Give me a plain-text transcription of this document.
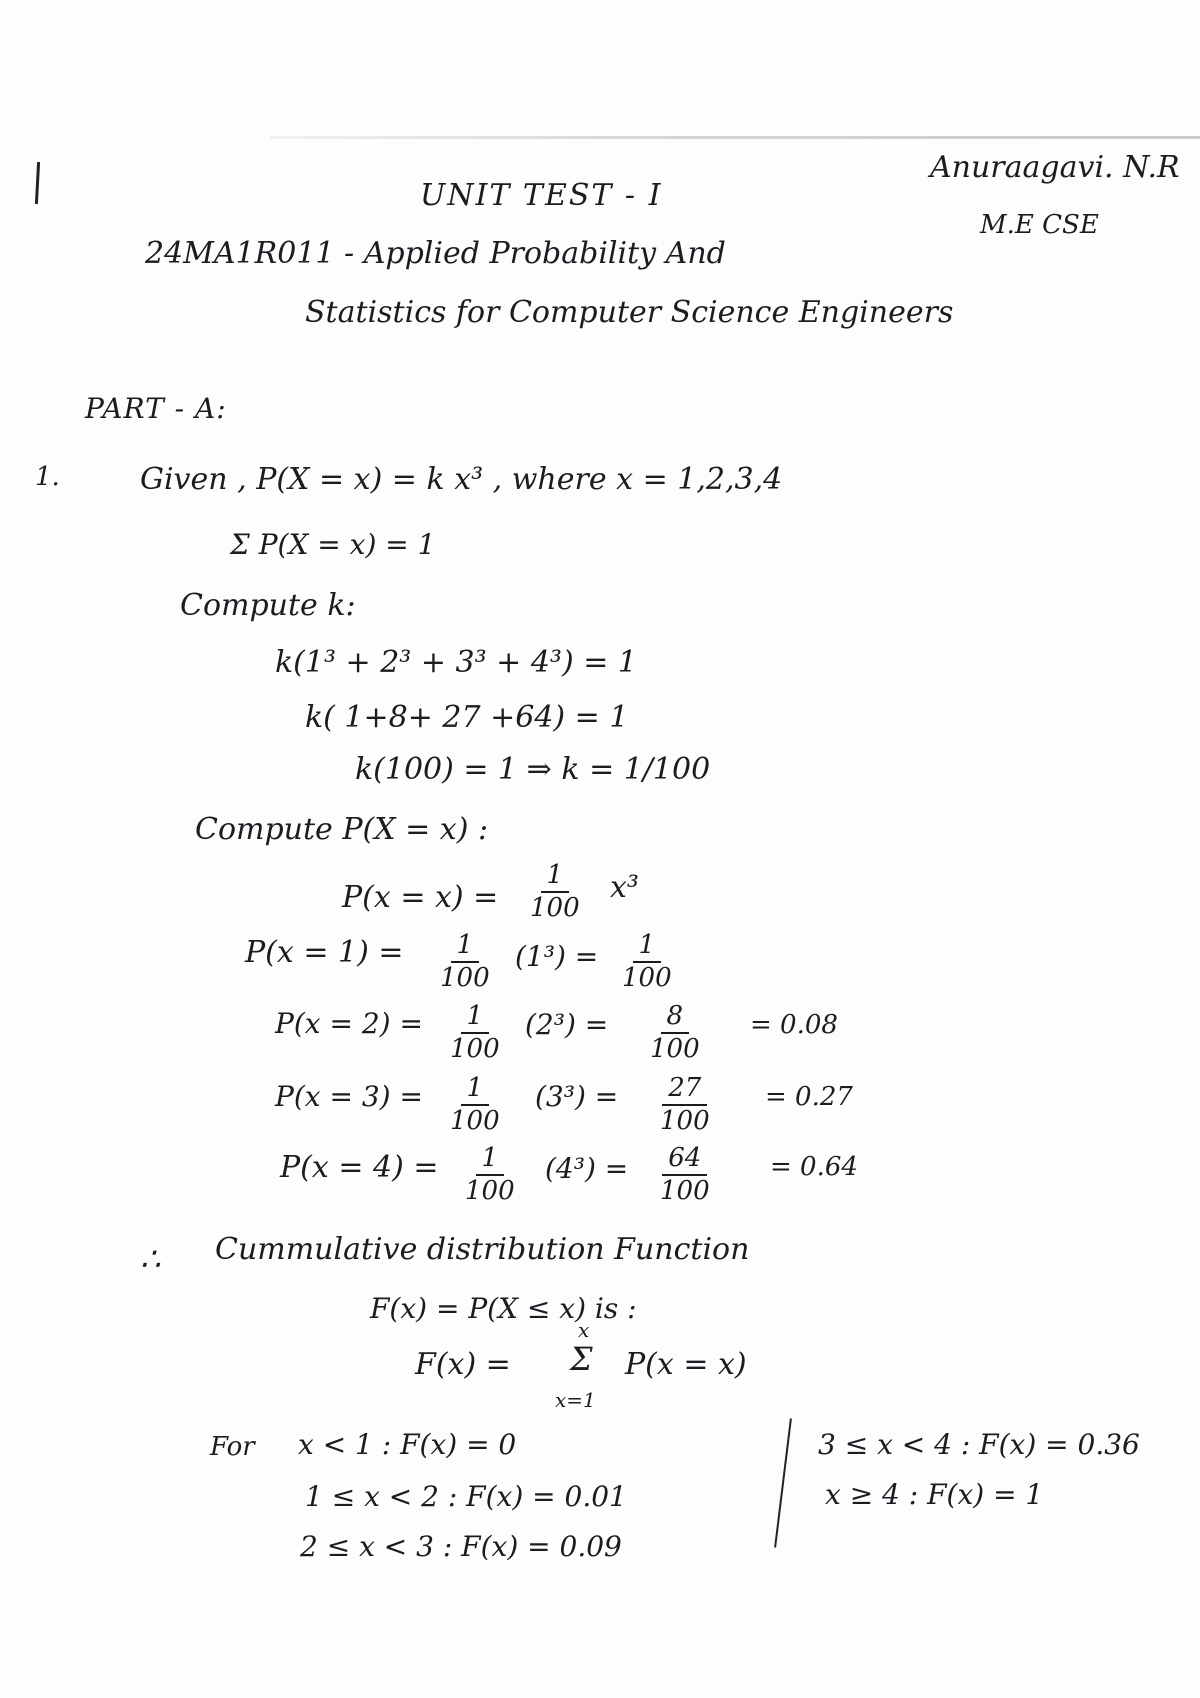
UNIT TEST - I
Anuraagavi. N.R
M.E CSE
24MA1R011 - Applied Probability And
Statistics for Computer Science Engineers
PART - A:
1.	Given , P(X = x) = k x³ , where x = 1,2,3,4
Σ P(X = x) = 1
Compute k:
k(1³ + 2³ + 3³ + 4³) = 1
k( 1+8+ 27 +64) = 1
k(100) = 1 ⇒ k = 1/100
Compute P(X = x) :
$P(x = x) = \frac{1}{100} x^3$
$P(x = 1) = \frac{1}{100} (1^3) = \frac{1}{100}$
$P(x = 2) = \frac{1}{100} (2^3) = \frac{8}{100} = 0.08$
$P(x = 3) = \frac{1}{100} (3^3) = \frac{27}{100} = 0.27$
$P(x = 4) = \frac{1}{100} (4^3) = \frac{64}{100} = 0.64$
∴ Cummulative distribution Function
F(x) = P(X ≤ x) is :
F(x) =
x
Σ
x=1
P(x = x)
For x < 1 : F(x) = 0
1 ≤ x < 2 : F(x) = 0.01
2 ≤ x < 3 : F(x) = 0.09
3 ≤ x < 4 : F(x) = 0.36
x ≥ 4 : F(x) = 1
